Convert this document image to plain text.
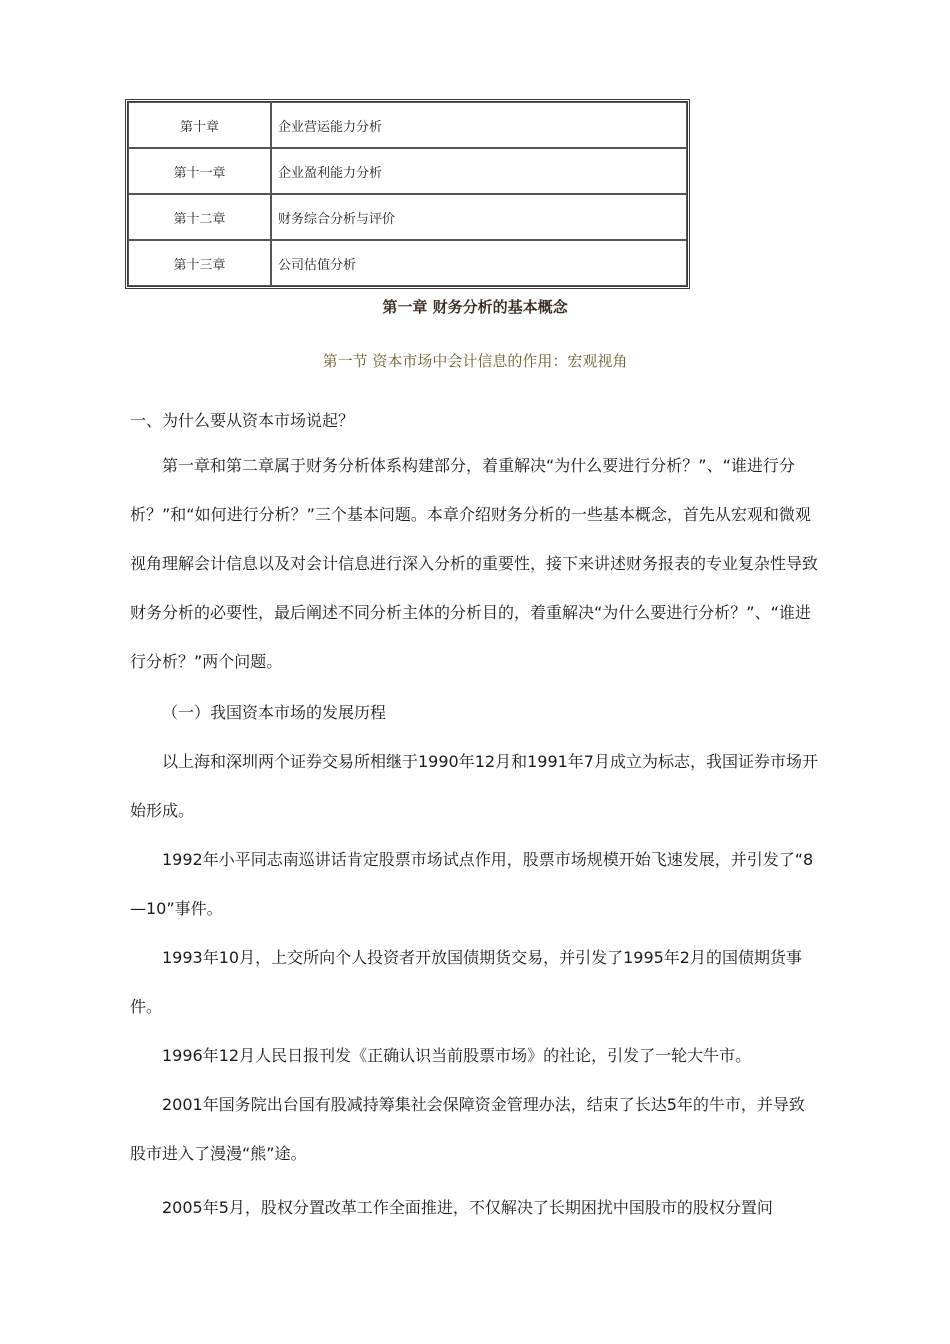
第十章	企业营运能力分析
第十一章	企业盈利能力分析
第十二章	财务综合分析与评价
第十三章	公司估值分析
第一章 财务分析的基本概念
第一节 资本市场中会计信息的作用：宏观视角

一、为什么要从资本市场说起？

第一章和第二章属于财务分析体系构建部分，着重解决“为什么要进行分析？”、“谁进行分析？”和“如何进行分析？”三个基本问题。本章介绍财务分析的一些基本概念，首先从宏观和微观视角理解会计信息以及对会计信息进行深入分析的重要性，接下来讲述财务报表的专业复杂性导致财务分析的必要性，最后阐述不同分析主体的分析目的，着重解决“为什么要进行分析？”、“谁进行分析？”两个问题。

（一）我国资本市场的发展历程

以上海和深圳两个证券交易所相继于1990年12月和1991年7月成立为标志，我国证券市场开始形成。

1992年小平同志南巡讲话肯定股票市场试点作用，股票市场规模开始飞速发展，并引发了“8—10”事件。

1993年10月，上交所向个人投资者开放国债期货交易，并引发了1995年2月的国债期货事件。

1996年12月人民日报刊发《正确认识当前股票市场》的社论，引发了一轮大牛市。

2001年国务院出台国有股减持筹集社会保障资金管理办法，结束了长达5年的牛市，并导致股市进入了漫漫“熊”途。

2005年5月，股权分置改革工作全面推进，不仅解决了长期困扰中国股市的股权分置问
